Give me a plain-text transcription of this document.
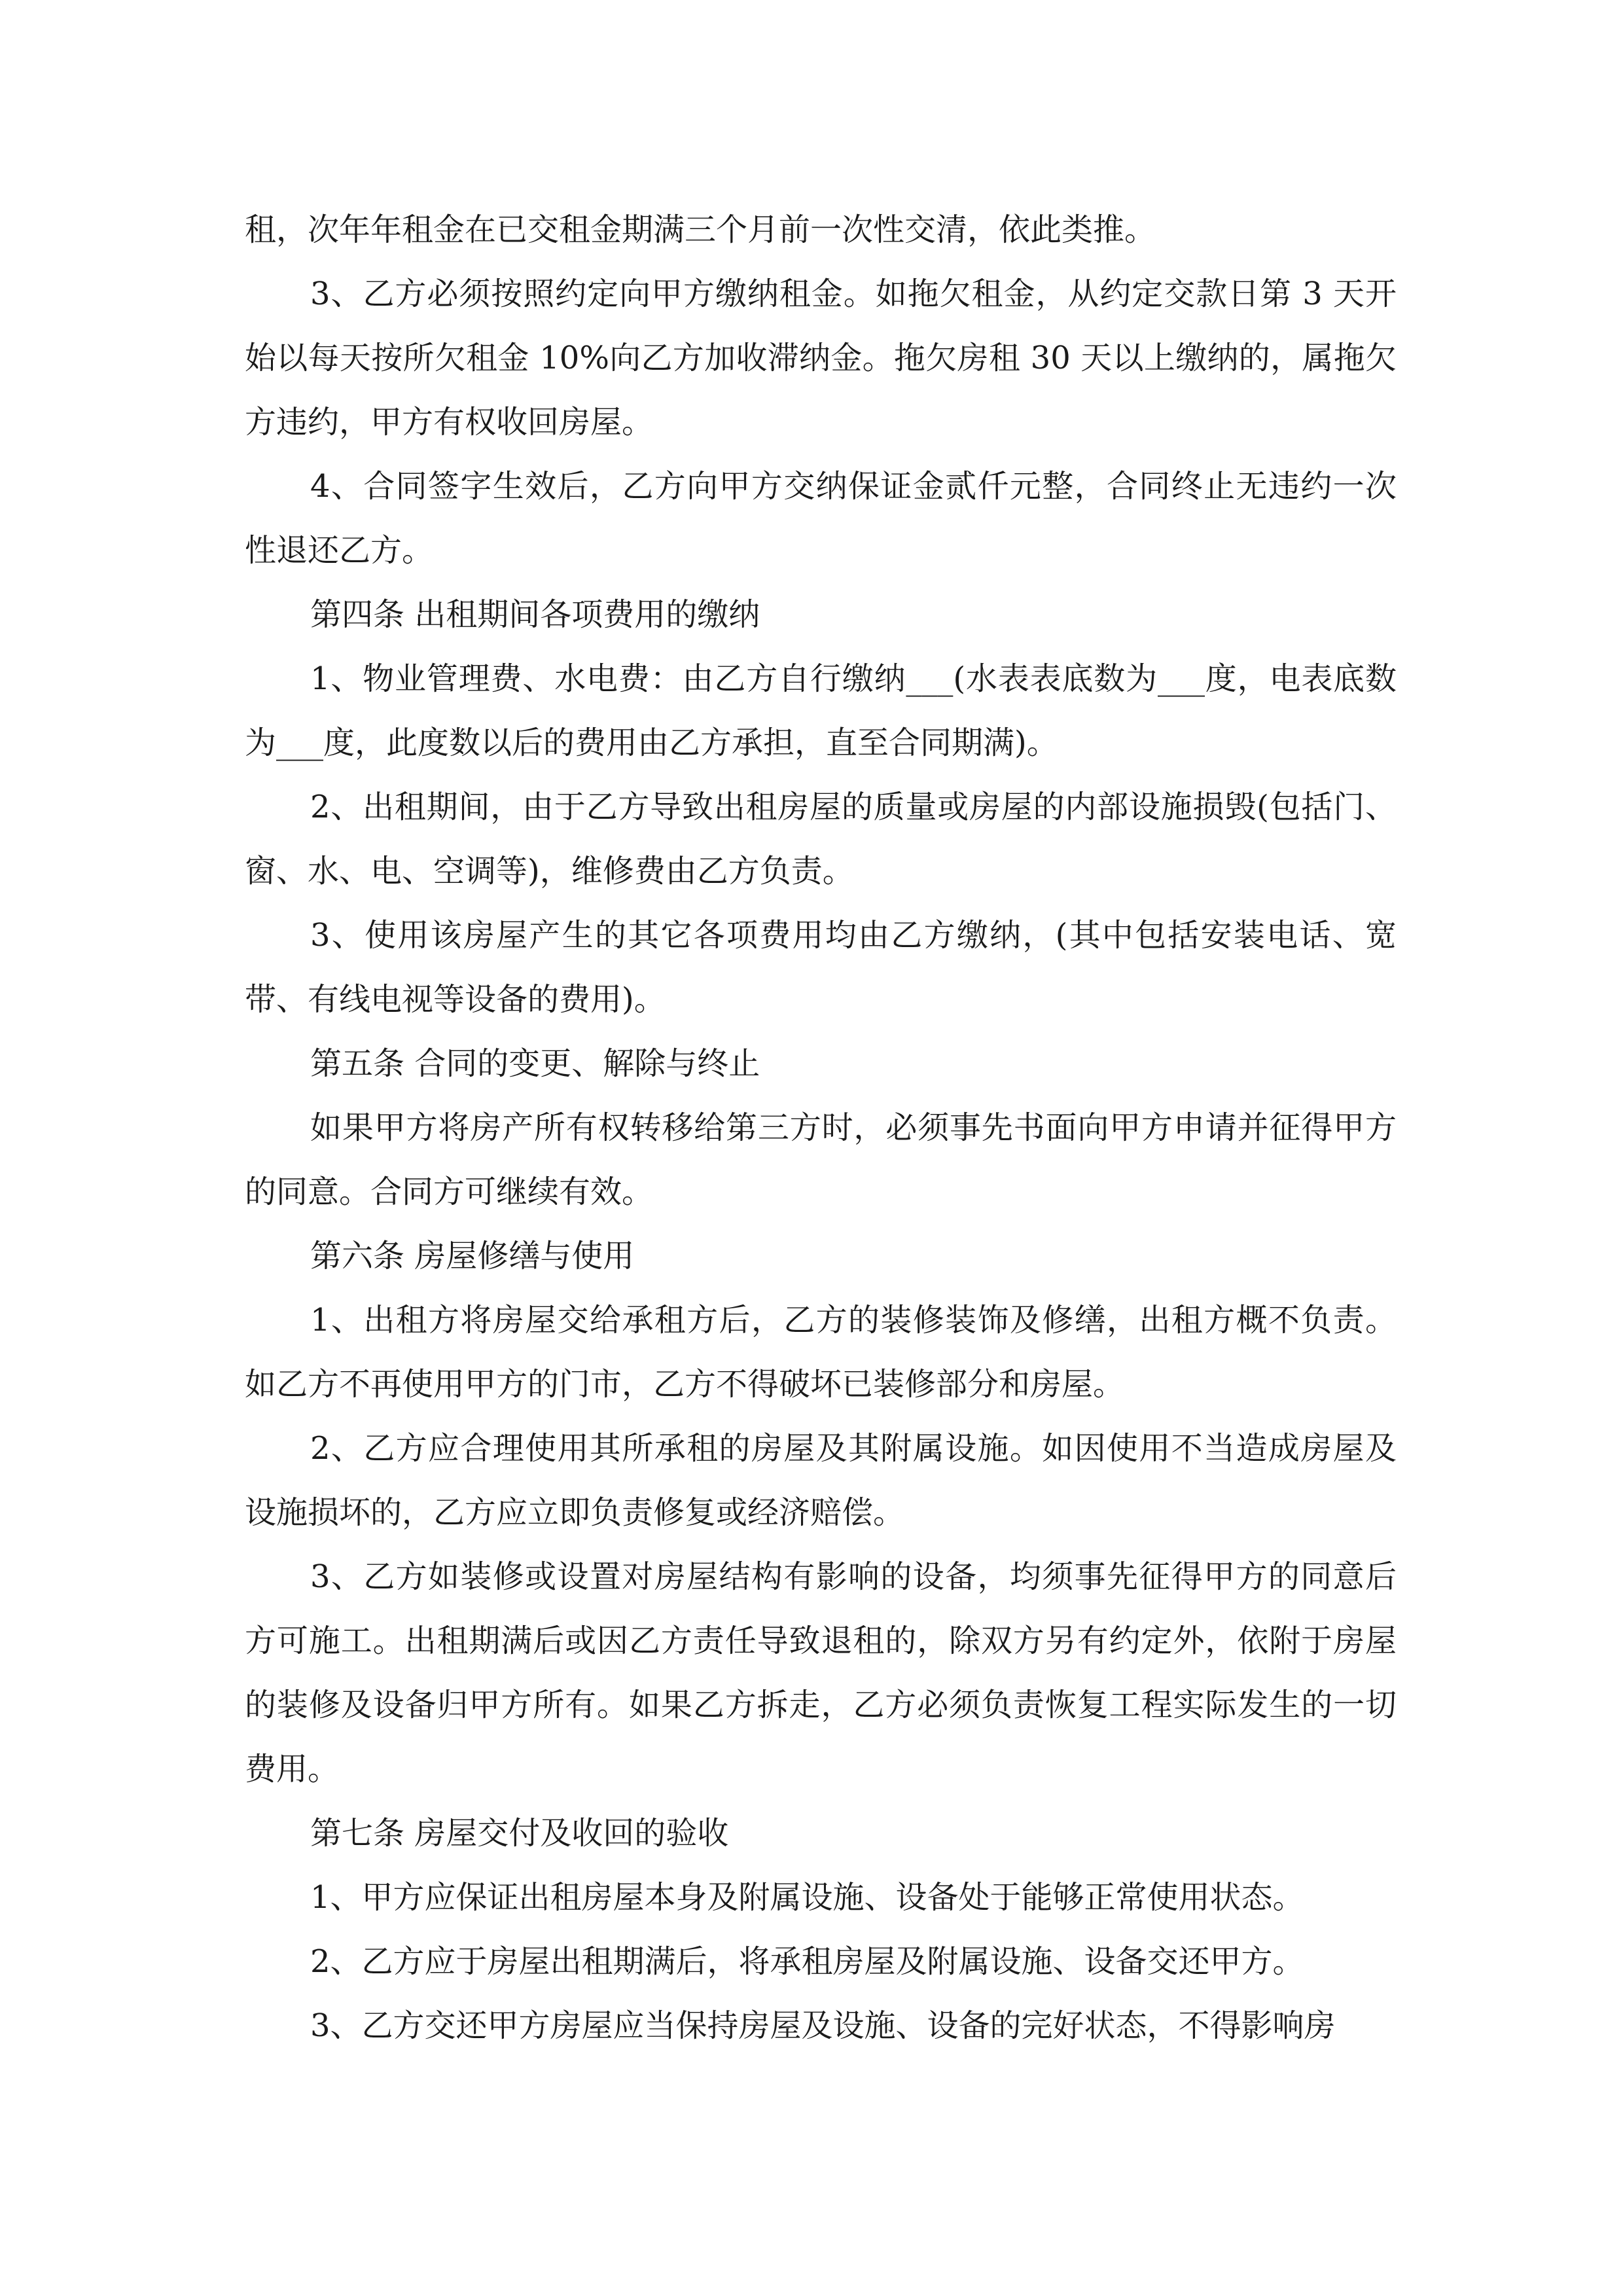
租，次年年租金在已交租金期满三个月前一次性交清，依此类推。

3、乙方必须按照约定向甲方缴纳租金。如拖欠租金，从约定交款日第 3 天开始以每天按所欠租金 10%向乙方加收滞纳金。拖欠房租 30 天以上缴纳的，属拖欠方违约，甲方有权收回房屋。

4、合同签字生效后，乙方向甲方交纳保证金贰仟元整，合同终止无违约一次性退还乙方。

第四条 出租期间各项费用的缴纳

1、物业管理费、水电费：由乙方自行缴纳___(水表表底数为___度，电表底数为___度，此度数以后的费用由乙方承担，直至合同期满)。

2、出租期间，由于乙方导致出租房屋的质量或房屋的内部设施损毁(包括门、窗、水、电、空调等)，维修费由乙方负责。

3、使用该房屋产生的其它各项费用均由乙方缴纳，(其中包括安装电话、宽带、有线电视等设备的费用)。

第五条 合同的变更、解除与终止

如果甲方将房产所有权转移给第三方时，必须事先书面向甲方申请并征得甲方的同意。合同方可继续有效。

第六条 房屋修缮与使用

1、出租方将房屋交给承租方后，乙方的装修装饰及修缮，出租方概不负责。如乙方不再使用甲方的门市，乙方不得破坏已装修部分和房屋。

2、乙方应合理使用其所承租的房屋及其附属设施。如因使用不当造成房屋及设施损坏的，乙方应立即负责修复或经济赔偿。

3、乙方如装修或设置对房屋结构有影响的设备，均须事先征得甲方的同意后方可施工。出租期满后或因乙方责任导致退租的，除双方另有约定外，依附于房屋的装修及设备归甲方所有。如果乙方拆走，乙方必须负责恢复工程实际发生的一切费用。

第七条 房屋交付及收回的验收

1、甲方应保证出租房屋本身及附属设施、设备处于能够正常使用状态。

2、乙方应于房屋出租期满后，将承租房屋及附属设施、设备交还甲方。

3、乙方交还甲方房屋应当保持房屋及设施、设备的完好状态，不得影响房
